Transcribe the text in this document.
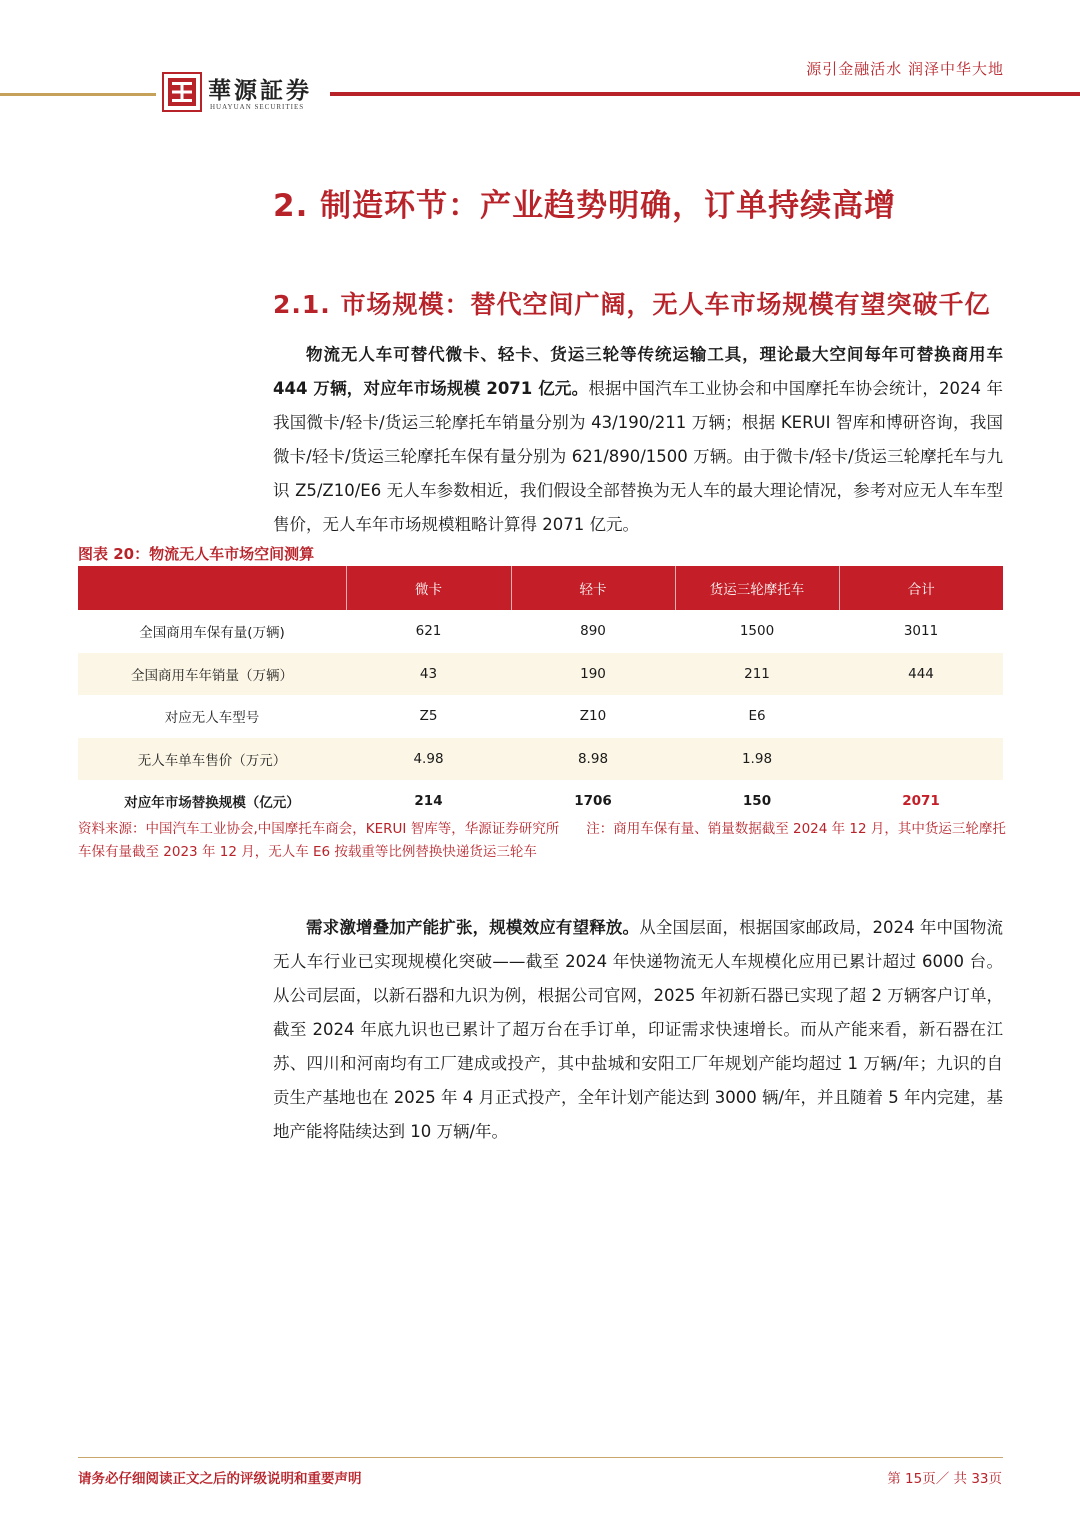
華源証券
HUAYUAN SECURITIES
源引金融活水 润泽中华大地
2. 制造环节：产业趋势明确，订单持续高增
2.1. 市场规模：替代空间广阔，无人车市场规模有望突破千亿

物流无人车可替代微卡、轻卡、货运三轮等传统运输工具，理论最大空间每年可替换商用车 444 万辆，对应年市场规模 2071 亿元。根据中国汽车工业协会和中国摩托车协会统计，2024 年我国微卡/轻卡/货运三轮摩托车销量分别为 43/190/211 万辆；根据 KERUI 智库和博研咨询，我国微卡/轻卡/货运三轮摩托车保有量分别为 621/890/1500 万辆。由于微卡/轻卡/货运三轮摩托车与九识 Z5/Z10/E6 无人车参数相近，我们假设全部替换为无人车的最大理论情况，参考对应无人车车型售价，无人车年市场规模粗略计算得 2071 亿元。

图表 20：物流无人车市场空间测算
	微卡	轻卡	货运三轮摩托车	合计
全国商用车保有量(万辆)	621	890	1500	3011
全国商用车年销量（万辆）	43	190	211	444
对应无人车型号	Z5	Z10	E6	
无人车单车售价（万元）	4.98	8.98	1.98	
对应年市场替换规模（亿元）	214	1706	150	2071
资料来源：中国汽车工业协会,中国摩托车商会，KERUI 智库等，华源证券研究所　　注：商用车保有量、销量数据截至 2024 年 12 月，其中货运三轮摩托车保有量截至 2023 年 12 月，无人车 E6 按载重等比例替换快递货运三轮车

需求激增叠加产能扩张，规模效应有望释放。从全国层面，根据国家邮政局，2024 年中国物流无人车行业已实现规模化突破——截至 2024 年快递物流无人车规模化应用已累计超过 6000 台。从公司层面，以新石器和九识为例，根据公司官网，2025 年初新石器已实现了超 2 万辆客户订单，截至 2024 年底九识也已累计了超万台在手订单，印证需求快速增长。而从产能来看，新石器在江苏、四川和河南均有工厂建成或投产，其中盐城和安阳工厂年规划产能均超过 1 万辆/年；九识的自贡生产基地也在 2025 年 4 月正式投产，全年计划产能达到 3000 辆/年，并且随着 5 年内完建，基地产能将陆续达到 10 万辆/年。

请务必仔细阅读正文之后的评级说明和重要声明	第 15页／ 共 33页
